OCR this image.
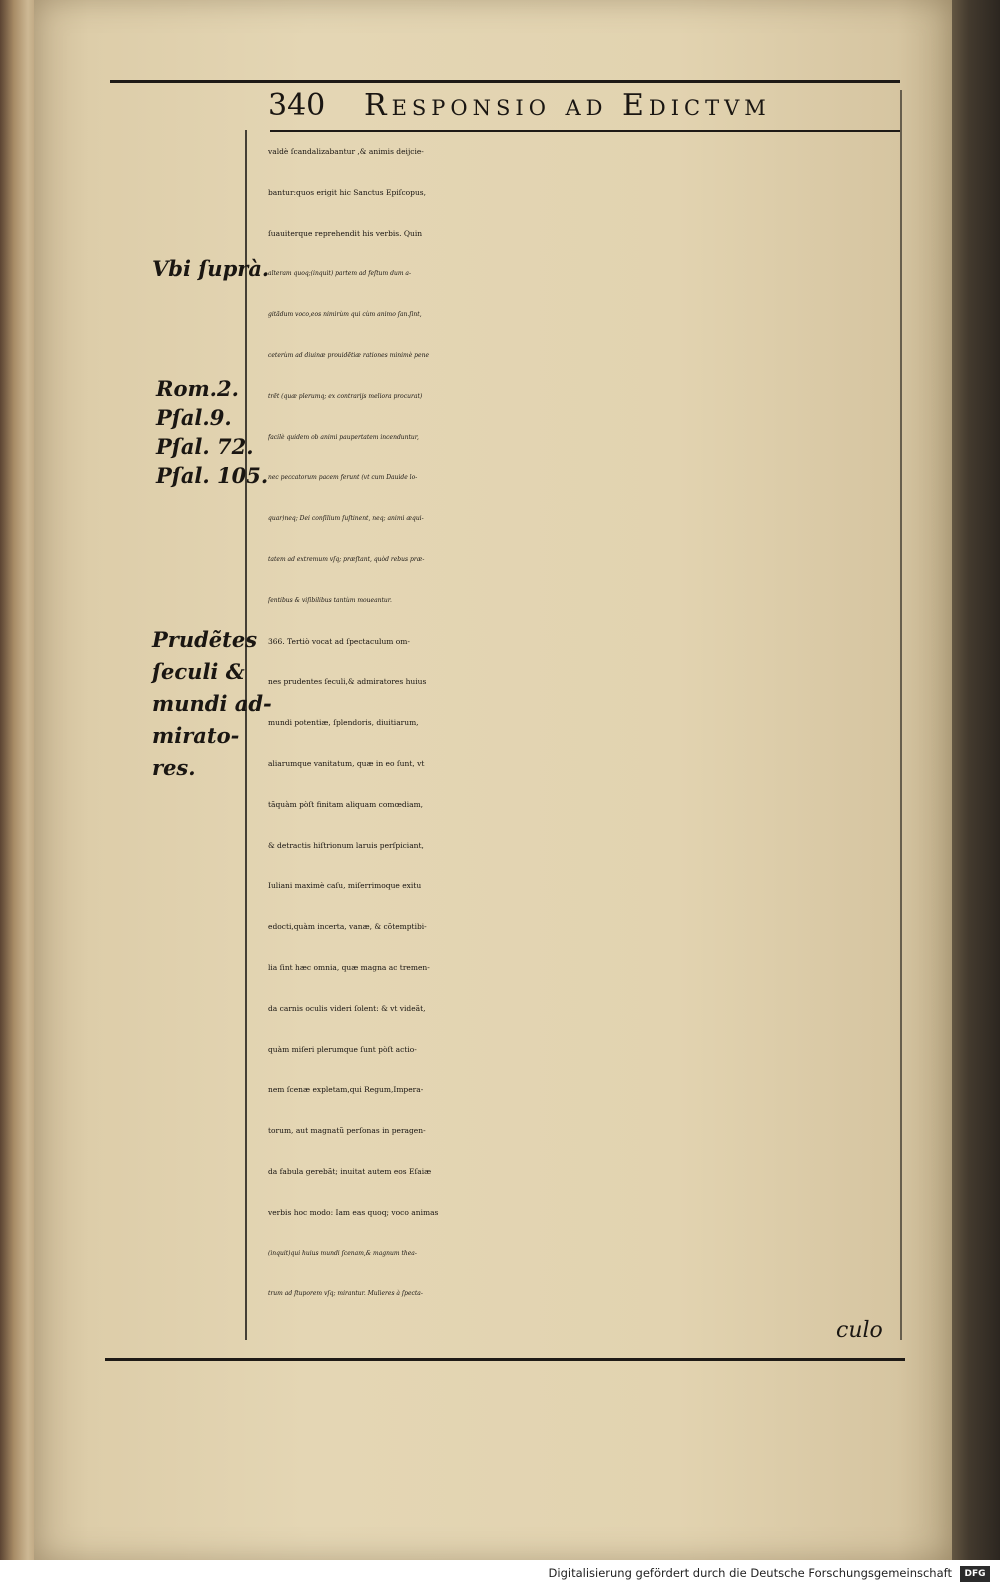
340 Responsio ad Edictvm
valdè ſcandalizabantur ,& animis deijcie-
bantur:quos erigit hic Sanctus Epiſcopus,
ſuauiterque reprehendit his verbis. Quin
alteram quoq;(inquit) partem ad feſtum dum a-
gitãdum voco,eos nimirùm qui cùm animo ſan.ſint,
ceterùm ad diuinæ prouidẽtiæ rationes minimè pene
trẽt (quæ plerumq; ex contrarijs meliora procurat)
facilè quidem ob animi paupertatem incenduntur,
nec peccatorum pacem ferunt (vt cum Dauide lo-
quar)neq; Dei conſilium ſuſtinent, neq; animi æqui-
tatem ad extremum vſq; præſtant, quòd rebus præ-
ſentibus & viſibilibus tantùm moueantur.
366. Tertiò vocat ad ſpectaculum om-
nes prudentes ſeculi,& admiratores huius
mundi potentiæ, ſplendoris, diuitiarum,
aliarumque vanitatum, quæ in eo ſunt, vt
tãquàm pòſt finitam aliquam comœdiam,
& detractis hiſtrionum laruis perſpiciant,
Iuliani maximè caſu, miſerrimoque exitu
edocti,quàm incerta, vanæ, & cõtemptibi-
lia ſint hæc omnia, quæ magna ac tremen-
da carnis oculis videri ſolent: & vt videãt,
quàm miſeri plerumque ſunt pòſt actio-
nem ſcenæ expletam,qui Regum,Impera-
torum, aut magnatũ perſonas in peragen-
da fabula gerebãt; inuitat autem eos Eſaiæ
verbis hoc modo: Iam eas quoq; voco animas
(inquit)qui huius mundi ſcenam,& magnum thea-
trum ad ſtuporem vſq; mirantur. Mulieres à ſpecta-
Vbi ſuprà.
Rom.2.
Pſal.9.
Pſal. 72.
Pſal. 105.
Prudẽtes
ſeculi &
mundi ad-
mirato-
res.
culo
Digitalisierung gefördert durch die Deutsche Forschungsgemeinschaft	DFG
